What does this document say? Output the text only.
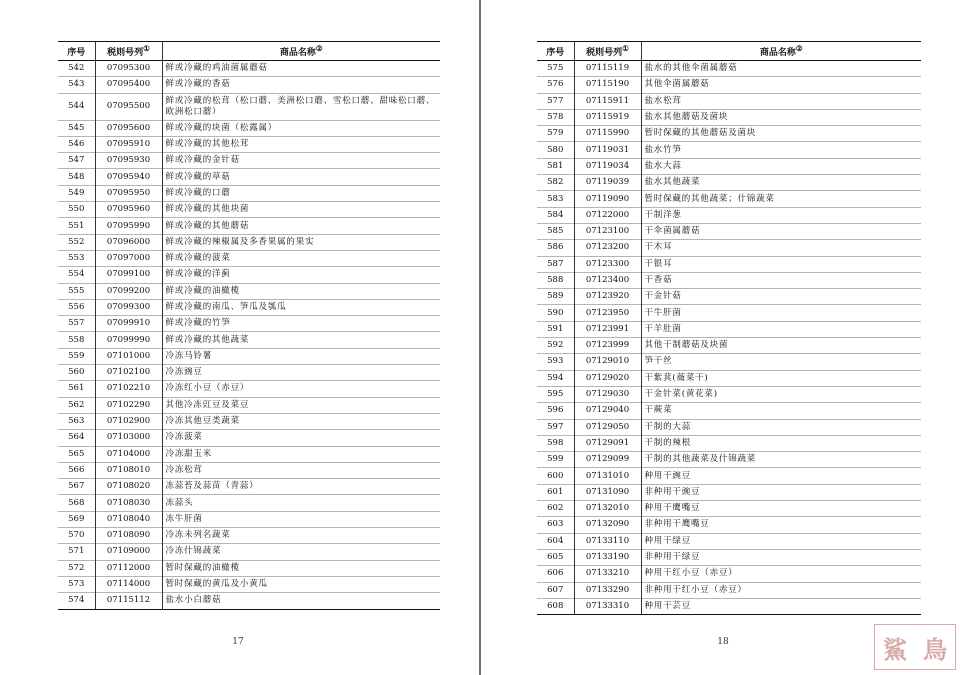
序号	税则号列①	商品名称②
542	07095300	鲜或冷藏的鸡油菌属蘑菇
543	07095400	鲜或冷藏的香菇
544	07095500	鲜或冷藏的松茸（松口蘑、美洲松口蘑、雪松口蘑、甜味松口蘑、欧洲松口蘑）
545	07095600	鲜或冷藏的块菌（松露属）
546	07095910	鲜或冷藏的其他松茸
547	07095930	鲜或冷藏的金针菇
548	07095940	鲜或冷藏的草菇
549	07095950	鲜或冷藏的口蘑
550	07095960	鲜或冷藏的其他块菌
551	07095990	鲜或冷藏的其他蘑菇
552	07096000	鲜或冷藏的辣椒属及多香果属的果实
553	07097000	鲜或冷藏的菠菜
554	07099100	鲜或冷藏的洋蓟
555	07099200	鲜或冷藏的油橄榄
556	07099300	鲜或冷藏的南瓜、笋瓜及瓠瓜
557	07099910	鲜或冷藏的竹笋
558	07099990	鲜或冷藏的其他蔬菜
559	07101000	冷冻马铃薯
560	07102100	冷冻豌豆
561	07102210	冷冻红小豆（赤豆）
562	07102290	其他冷冻豇豆及菜豆
563	07102900	冷冻其他豆类蔬菜
564	07103000	冷冻菠菜
565	07104000	冷冻甜玉米
566	07108010	冷冻松茸
567	07108020	冻蒜苔及蒜苗（青蒜）
568	07108030	冻蒜头
569	07108040	冻牛肝菌
570	07108090	冷冻未列名蔬菜
571	07109000	冷冻什锦蔬菜
572	07112000	暂时保藏的油橄榄
573	07114000	暂时保藏的黄瓜及小黄瓜
574	07115112	盐水小白蘑菇
17
序号	税则号列①	商品名称②
575	07115119	盐水的其他伞菌属蘑菇
576	07115190	其他伞菌属蘑菇
577	07115911	盐水松茸
578	07115919	盐水其他蘑菇及菌块
579	07115990	暂时保藏的其他蘑菇及菌块
580	07119031	盐水竹笋
581	07119034	盐水大蒜
582	07119039	盐水其他蔬菜
583	07119090	暂时保藏的其他蔬菜；什锦蔬菜
584	07122000	干制洋葱
585	07123100	干伞菌属蘑菇
586	07123200	干木耳
587	07123300	干银耳
588	07123400	干香菇
589	07123920	干金针菇
590	07123950	干牛肝菌
591	07123991	干羊肚菌
592	07123999	其他干制蘑菇及块菌
593	07129010	笋干丝
594	07129020	干紫萁(薇菜干)
595	07129030	干金针菜(黄花菜)
596	07129040	干蕨菜
597	07129050	干制的大蒜
598	07129091	干制的辣根
599	07129099	干制的其他蔬菜及什锦蔬菜
600	07131010	种用干豌豆
601	07131090	非种用干豌豆
602	07132010	种用干鹰嘴豆
603	07132090	非种用干鹰嘴豆
604	07133110	种用干绿豆
605	07133190	非种用干绿豆
606	07133210	种用干红小豆（赤豆）
607	07133290	非种用干红小豆（赤豆）
608	07133310	种用干芸豆
18	鯊 鳥
